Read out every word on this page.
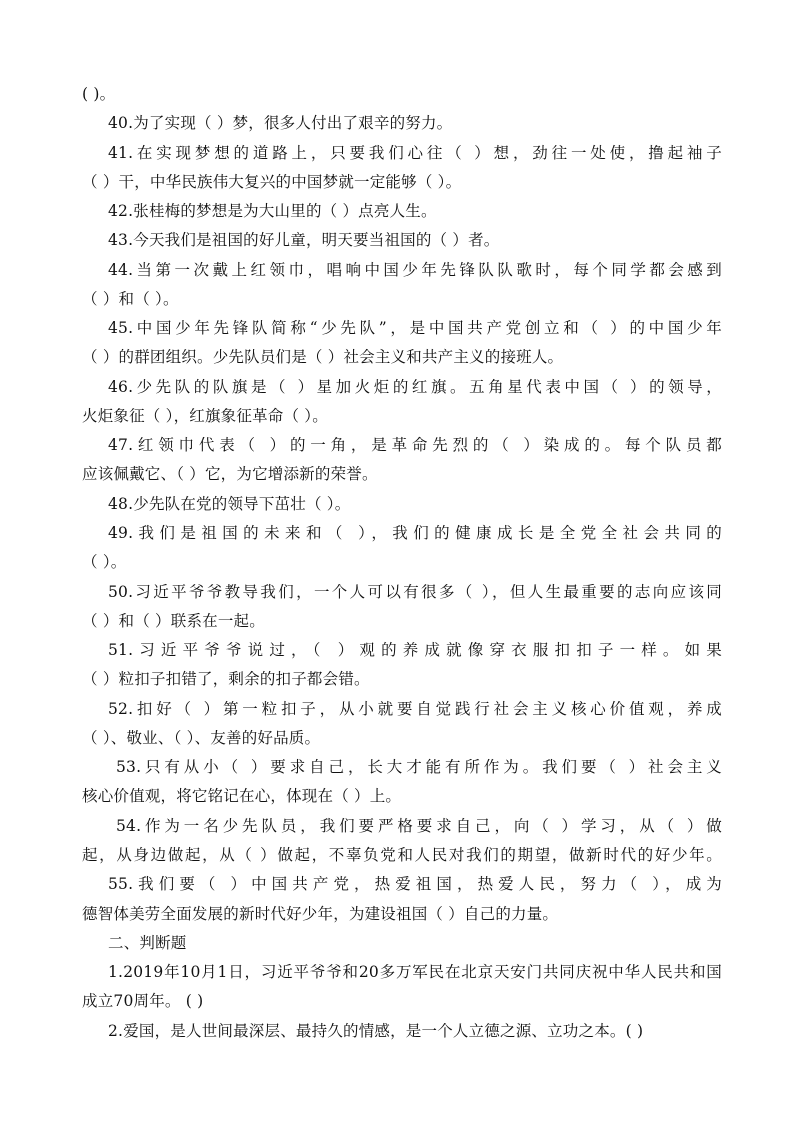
( )。
40.为了实现（ ）梦，很多人付出了艰辛的努力。
41.在实现梦想的道路上，只要我们心往（ ）想，劲往一处使，撸起袖子
（ ）干，中华民族伟大复兴的中国梦就一定能够（ ）。
42.张桂梅的梦想是为大山里的（ ）点亮人生。
43.今天我们是祖国的好儿童，明天要当祖国的（ ）者。
44.当第一次戴上红领巾，唱响中国少年先锋队队歌时，每个同学都会感到
（ ）和（ ）。
45.中国少年先锋队简称“少先队”，是中国共产党创立和（ ）的中国少年
（ ）的群团组织。少先队员们是（ ）社会主义和共产主义的接班人。
46.少先队的队旗是（ ）星加火炬的红旗。五角星代表中国（ ）的领导，
火炬象征（ ），红旗象征革命（ ）。
47.红领巾代表（ ）的一角，是革命先烈的（ ）染成的。每个队员都
应该佩戴它、（ ）它，为它增添新的荣誉。
48.少先队在党的领导下茁壮（ ）。
49.我们是祖国的未来和（ ），我们的健康成长是全党全社会共同的
（ ）。
50.习近平爷爷教导我们，一个人可以有很多（ ），但人生最重要的志向应该同
（ ）和（ ）联系在一起。
51.习近平爷爷说过，（ ）观的养成就像穿衣服扣扣子一样。如果
（ ）粒扣子扣错了，剩余的扣子都会错。
52.扣好（ ）第一粒扣子，从小就要自觉践行社会主义核心价值观，养成
（ ）、敬业、（ ）、友善的好品质。
53.只有从小（ ）要求自己，长大才能有所作为。我们要（ ）社会主义
核心价值观，将它铭记在心，体现在（ ）上。
54.作为一名少先队员，我们要严格要求自己，向（ ）学习，从（ ）做
起，从身边做起，从（ ）做起，不辜负党和人民对我们的期望，做新时代的好少年。
55.我们要（ ）中国共产党，热爱祖国，热爱人民，努力（ ），成为
德智体美劳全面发展的新时代好少年，为建设祖国（ ）自己的力量。
二、判断题
1.2019年10月1日，习近平爷爷和20多万军民在北京天安门共同庆祝中华人民共和国
成立70周年。 ( )
2.爱国，是人世间最深层、最持久的情感，是一个人立德之源、立功之本。( )
